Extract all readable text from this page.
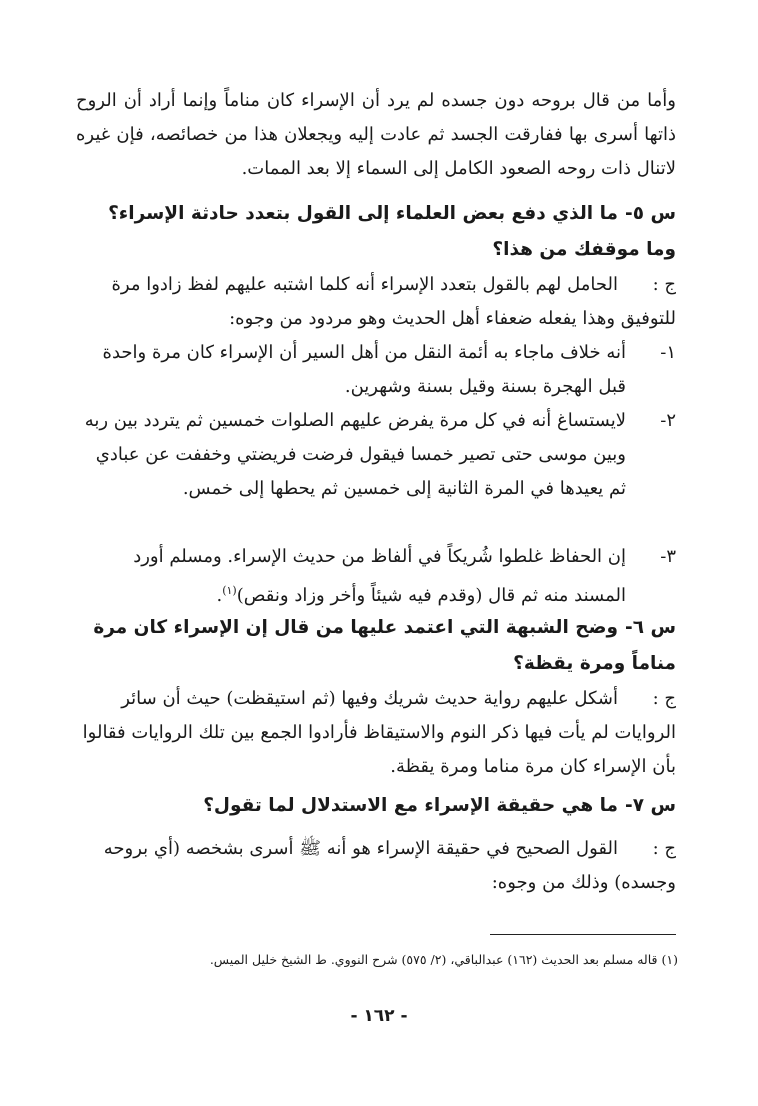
وأما من قال بروحه دون جسده لم يرد أن الإسراء كان مناماً وإنما أراد أن الروح ذاتها أسرى بها ففارقت الجسد ثم عادت إليه ويجعلان هذا من خصائصه، فإن غيره لاتنال ذات روحه الصعود الكامل إلى السماء إلا بعد الممات.
س ٥-ما الذي دفع بعض العلماء إلى القول بتعدد حادثة الإسراء؟ وما موقفك من هذا؟
ج :الحامل لهم بالقول بتعدد الإسراء أنه كلما اشتبه عليهم لفظ زادوا مرة للتوفيق وهذا يفعله ضعفاء أهل الحديث وهو مردود من وجوه:
١-
أنه خلاف ماجاء به أئمة النقل من أهل السير أن الإسراء كان مرة واحدة قبل الهجرة بسنة وقيل بسنة وشهرين.
٢-
لايستساغ أنه في كل مرة يفرض عليهم الصلوات خمسين ثم يتردد بين ربه وبين موسى حتى تصير خمسا فيقول فرضت فريضتي وخففت عن عبادي ثم يعيدها في المرة الثانية إلى خمسين ثم يحطها إلى خمس.
٣-
إن الحفاظ غلطوا شُريكاً في ألفاظ من حديث الإسراء. ومسلم أورد المسند منه ثم قال (وقدم فيه شيئاً وأخر وزاد ونقص)$^{(١)}$.
س ٦-وضح الشبهة التي اعتمد عليها من قال إن الإسراء كان مرة مناماً ومرة يقظة؟
ج :أشكل عليهم رواية حديث شريك وفيها (ثم استيقظت) حيث أن سائر الروايات لم يأت فيها ذكر النوم والاستيقاظ فأرادوا الجمع بين تلك الروايات فقالوا بأن الإسراء كان مرة مناما ومرة يقظة.
س ٧-ما هي حقيقة الإسراء مع الاستدلال لما تقول؟
ج :القول الصحيح في حقيقة الإسراء هو أنه ﷺ أسرى بشخصه (أي بروحه وجسده) وذلك من وجوه:
(١) قاله مسلم بعد الحديث (١٦٢) عبدالباقي، (٢/ ٥٧٥) شرح النووي. ط الشيخ خليل الميس.
- ١٦٢ -
